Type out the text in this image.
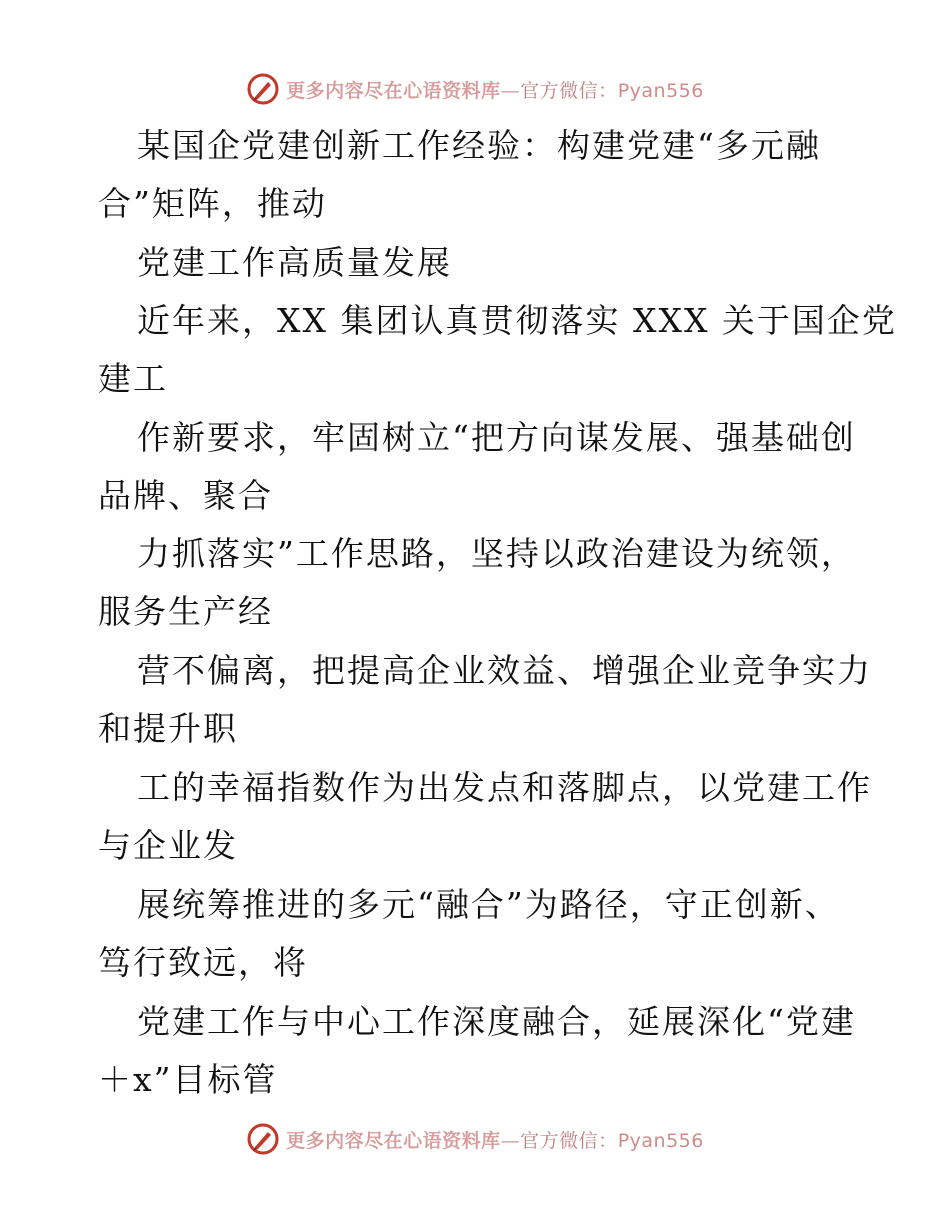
更多内容尽在心语资料库—官方微信：Pyan556
某国企党建创新工作经验：构建党建“多元融
合”矩阵，推动
党建工作高质量发展
近年来，XX 集团认真贯彻落实 XXX 关于国企党
建工
作新要求，牢固树立“把方向谋发展、强基础创
品牌、聚合
力抓落实”工作思路，坚持以政治建设为统领，
服务生产经
营不偏离，把提高企业效益、增强企业竞争实力
和提升职
工的幸福指数作为出发点和落脚点，以党建工作
与企业发
展统筹推进的多元“融合”为路径，守正创新、
笃行致远，将
党建工作与中心工作深度融合，延展深化“党建
＋x”目标管
更多内容尽在心语资料库—官方微信：Pyan556
